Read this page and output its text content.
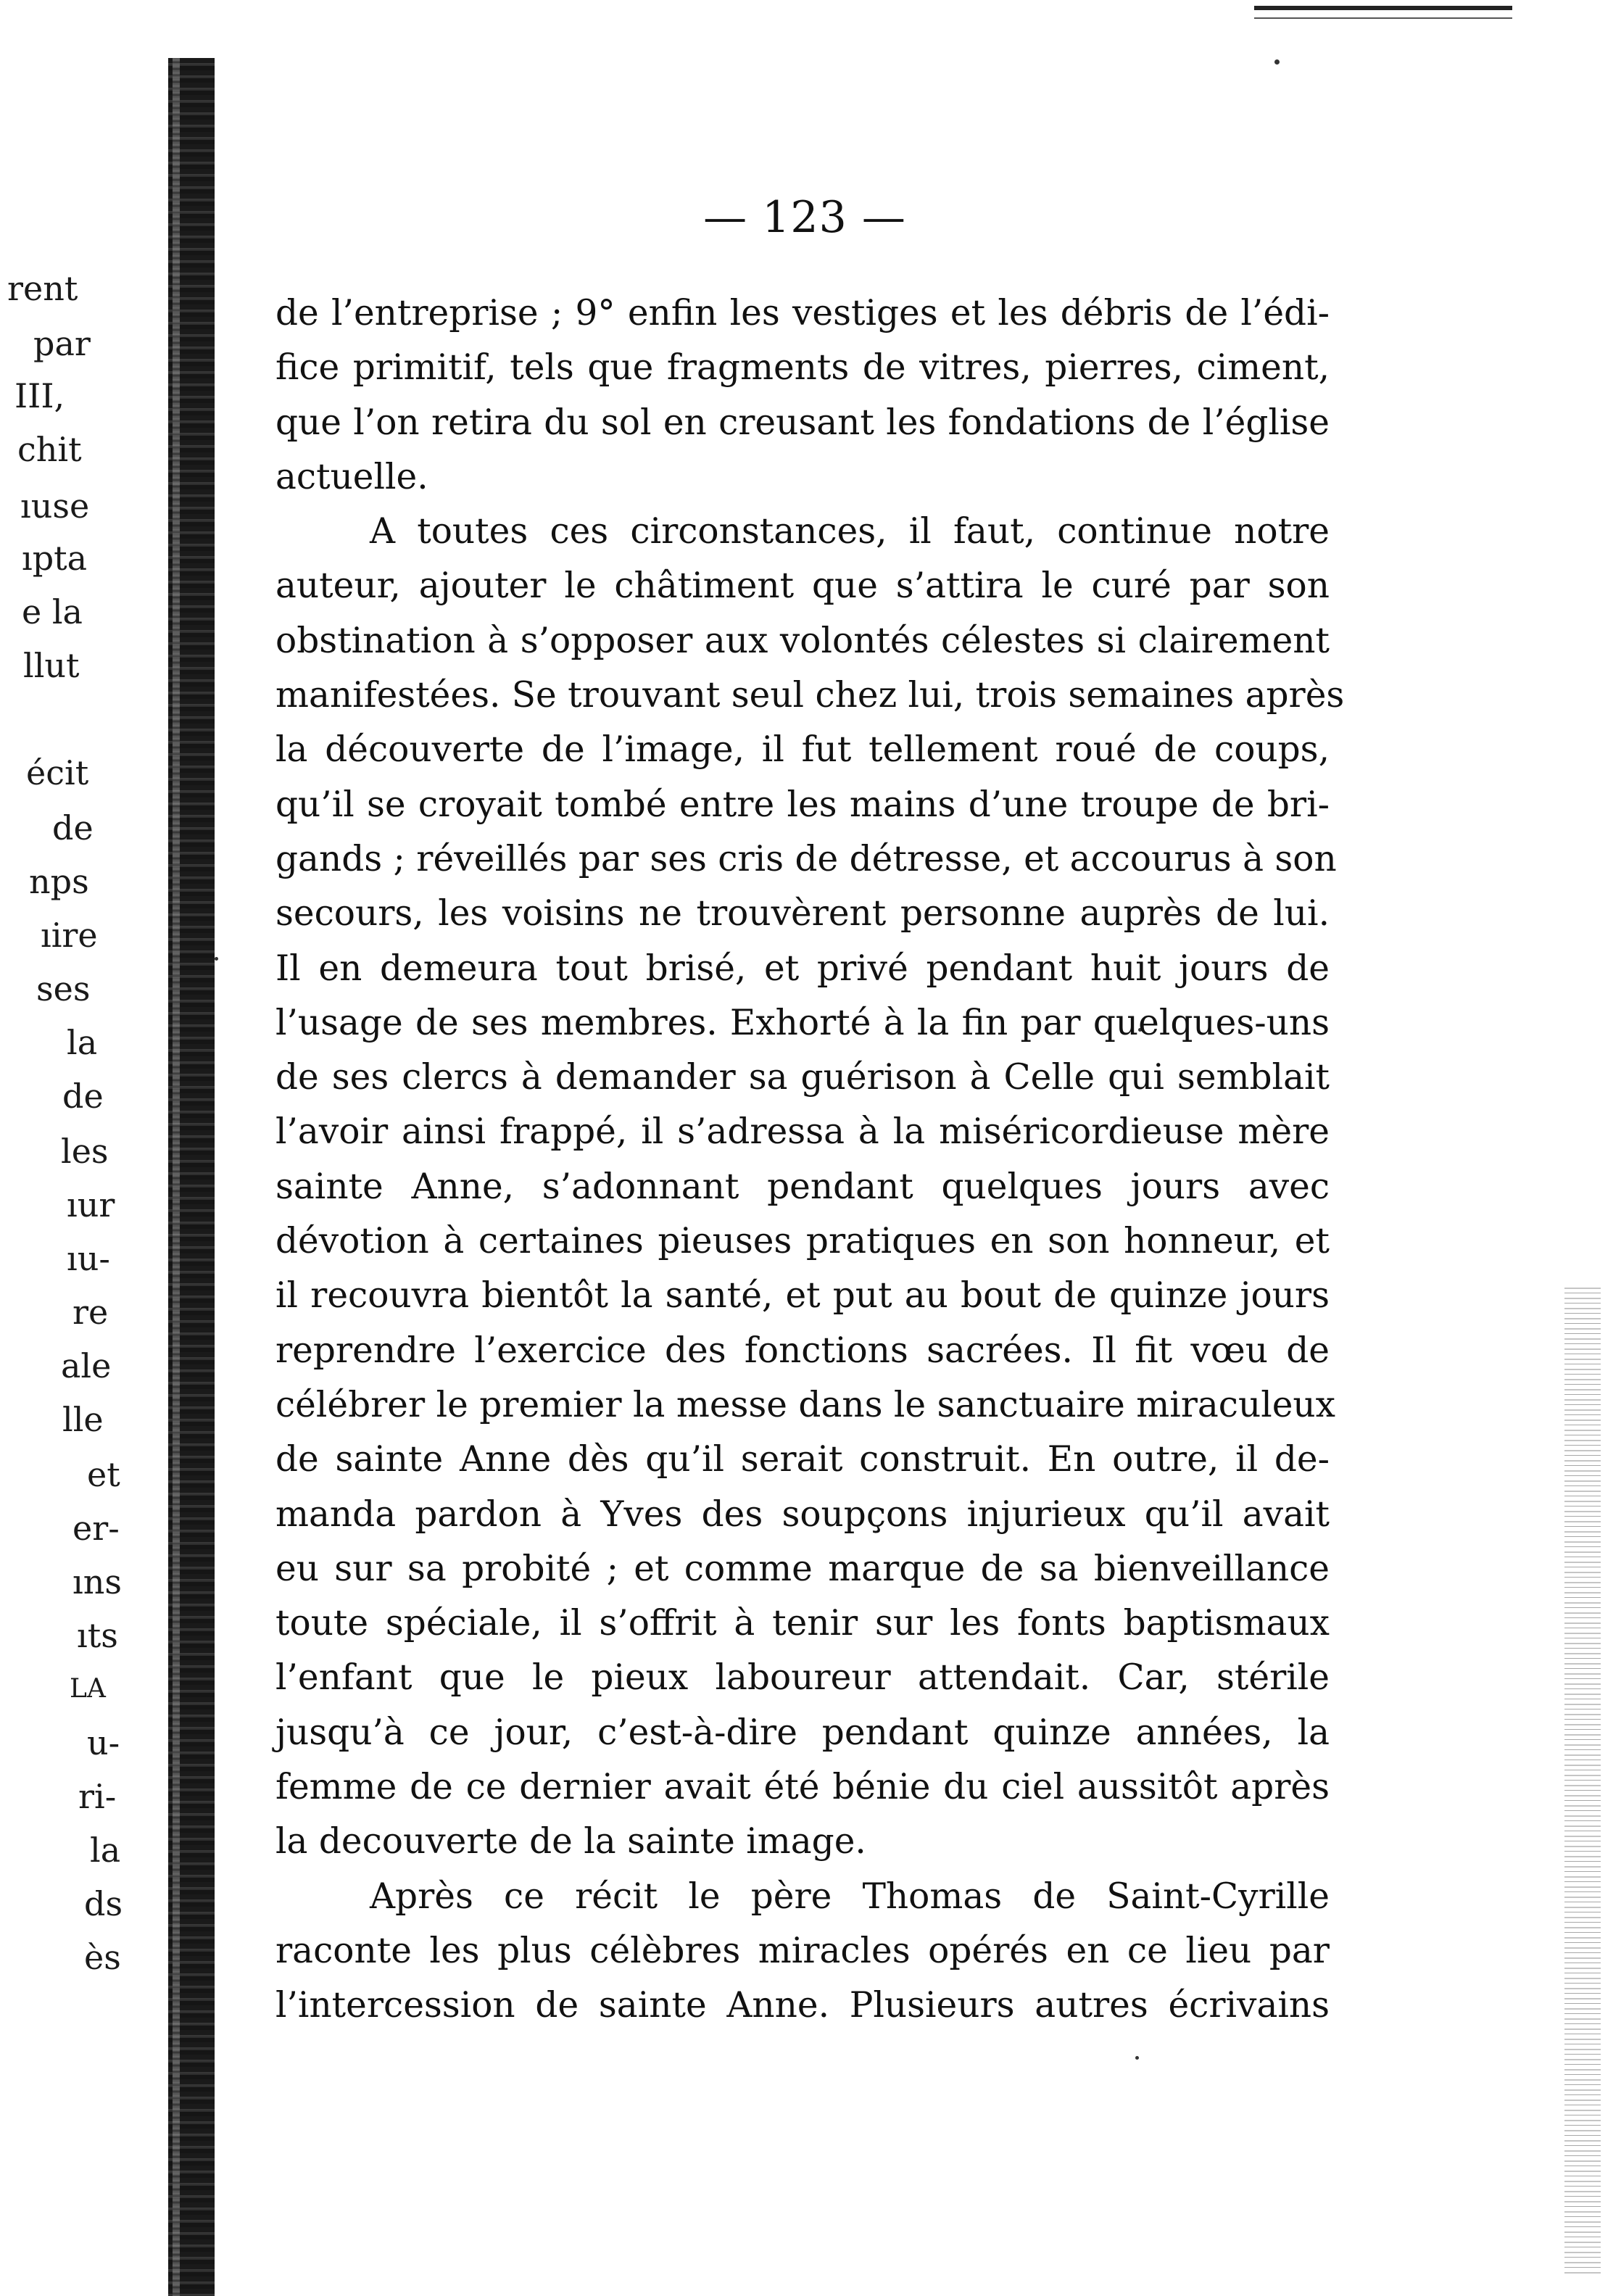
— 123 —
rent
par
III,
chit
ıuse
ıpta
e la
llut
écit
de
nps
ıire
ses
la
de
les
ıur
ıu-
re
ale
lle
et
er-
ıns
ıts
LA
u-
ri-
la
ds
ès
de l’entreprise ; 9° enfin les vestiges et les débris de l’édi-
fice primitif, tels que fragments de vitres, pierres, ciment,
que l’on retira du sol en creusant les fondations de l’église
actuelle.
A toutes ces circonstances, il faut, continue notre
auteur, ajouter le châtiment que s’attira le curé par son
obstination à s’opposer aux volontés célestes si clairement
manifestées. Se trouvant seul chez lui, trois semaines après
la découverte de l’image, il fut tellement roué de coups,
qu’il se croyait tombé entre les mains d’une troupe de bri-
gands ; réveillés par ses cris de détresse, et accourus à son
secours, les voisins ne trouvèrent personne auprès de lui.
Il en demeura tout brisé, et privé pendant huit jours de
l’usage de ses membres. Exhorté à la fin par quelques-uns
de ses clercs à demander sa guérison à Celle qui semblait
l’avoir ainsi frappé, il s’adressa à la miséricordieuse mère
sainte Anne, s’adonnant pendant quelques jours avec
dévotion à certaines pieuses pratiques en son honneur, et
il recouvra bientôt la santé, et put au bout de quinze jours
reprendre l’exercice des fonctions sacrées. Il fit vœu de
célébrer le premier la messe dans le sanctuaire miraculeux
de sainte Anne dès qu’il serait construit. En outre, il de-
manda pardon à Yves des soupçons injurieux qu’il avait
eu sur sa probité ; et comme marque de sa bienveillance
toute spéciale, il s’offrit à tenir sur les fonts baptismaux
l’enfant que le pieux laboureur attendait. Car, stérile
jusqu’à ce jour, c’est-à-dire pendant quinze années, la
femme de ce dernier avait été bénie du ciel aussitôt après
la decouverte de la sainte image.
Après ce récit le père Thomas de Saint-Cyrille
raconte les plus célèbres miracles opérés en ce lieu par
l’intercession de sainte Anne. Plusieurs autres écrivains
